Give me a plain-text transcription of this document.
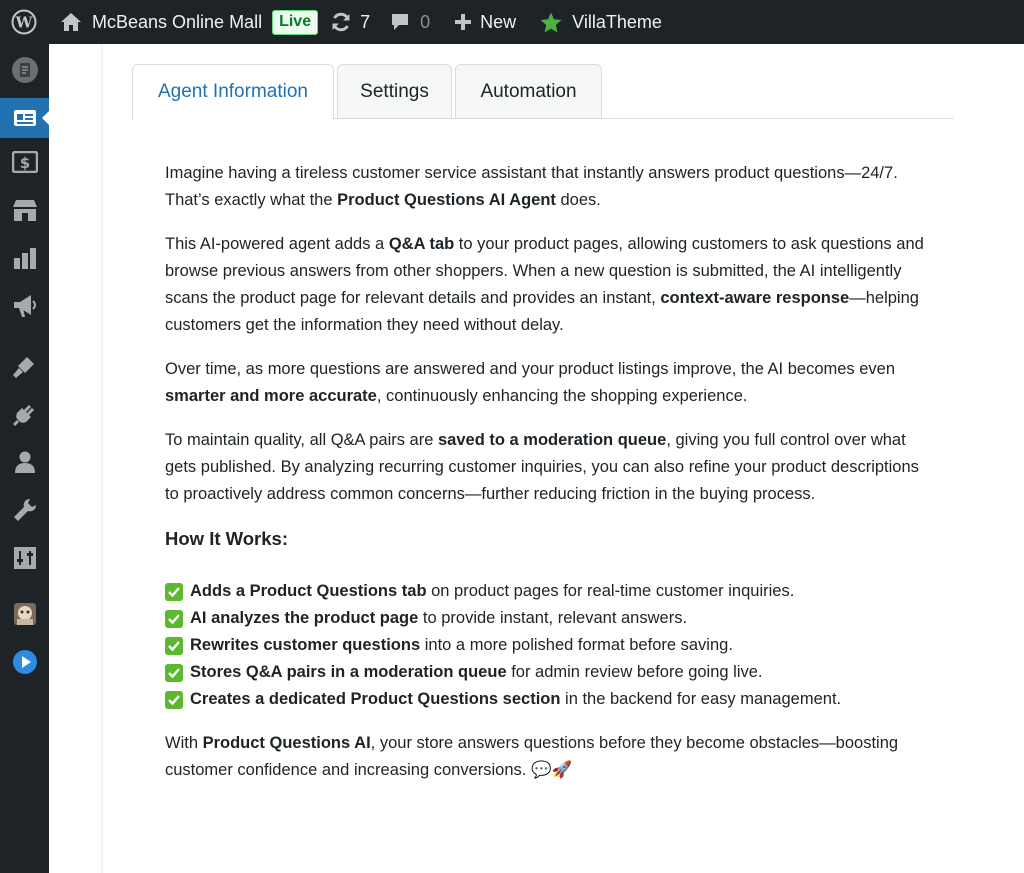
W	McBeans Online Mall	Live	7	0	New	VillaTheme
$
Agent Information	Settings	Automation

Imagine having a tireless customer service assistant that instantly answers product questions—24/7. That’s exactly what the Product Questions AI Agent does.

This AI-powered agent adds a Q&A tab to your product pages, allowing customers to ask questions and browse previous answers from other shoppers. When a new question is submitted, the AI intelligently scans the product page for relevant details and provides an instant, context-aware response—helping customers get the information they need without delay.

Over time, as more questions are answered and your product listings improve, the AI becomes even smarter and more accurate, continuously enhancing the shopping experience.

To maintain quality, all Q&A pairs are saved to a moderation queue, giving you full control over what gets published. By analyzing recurring customer inquiries, you can also refine your product descriptions to proactively address common concerns—further reducing friction in the buying process.

How It Works:
Adds a Product Questions tab on product pages for real-time customer inquiries.
AI analyzes the product page to provide instant, relevant answers.
Rewrites customer questions into a more polished format before saving.
Stores Q&A pairs in a moderation queue for admin review before going live.
Creates a dedicated Product Questions section in the backend for easy management.

With Product Questions AI, your store answers questions before they become obstacles—boosting customer confidence and increasing conversions. 💬🚀
